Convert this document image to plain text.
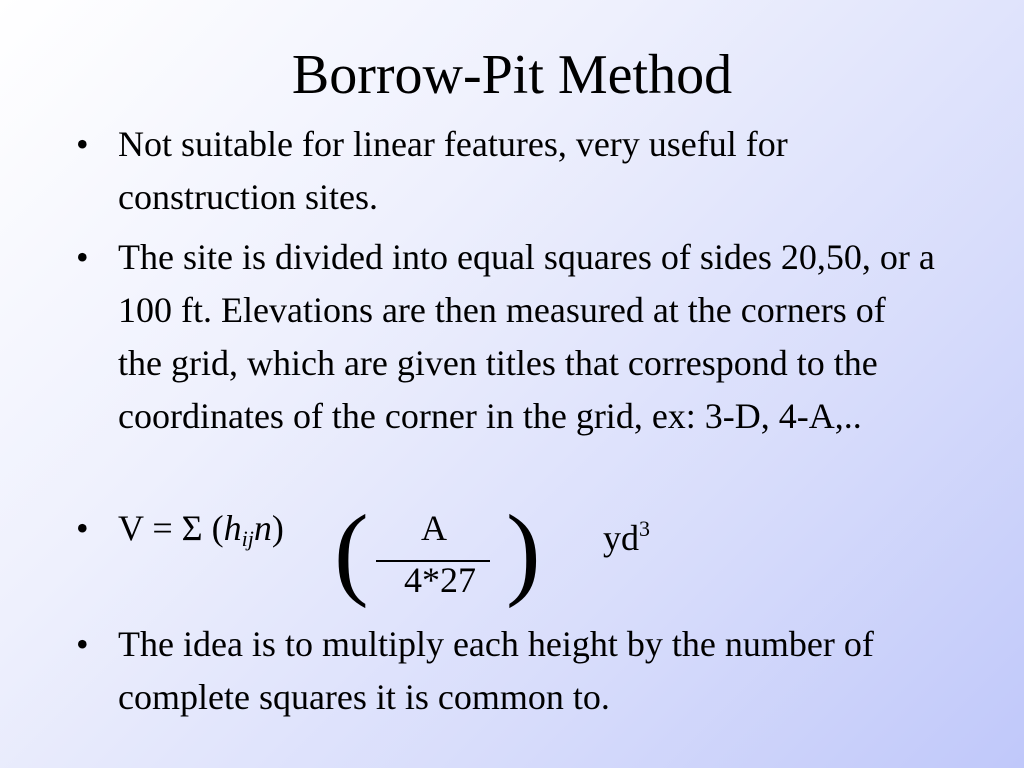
Borrow-Pit Method
• Not suitable for linear features, very useful for construction sites.
• The site is divided into equal squares of sides 20,50, or a 100 ft. Elevations are then measured at the corners of the grid, which are given titles that correspond to the coordinates of the corner in the grid, ex: 3-D, 4-A,..
• V = Σ $(h_{ij}n)$ ( A
4*27 ) $yd^3$
• The idea is to multiply each height by the number of complete squares it is common to.
